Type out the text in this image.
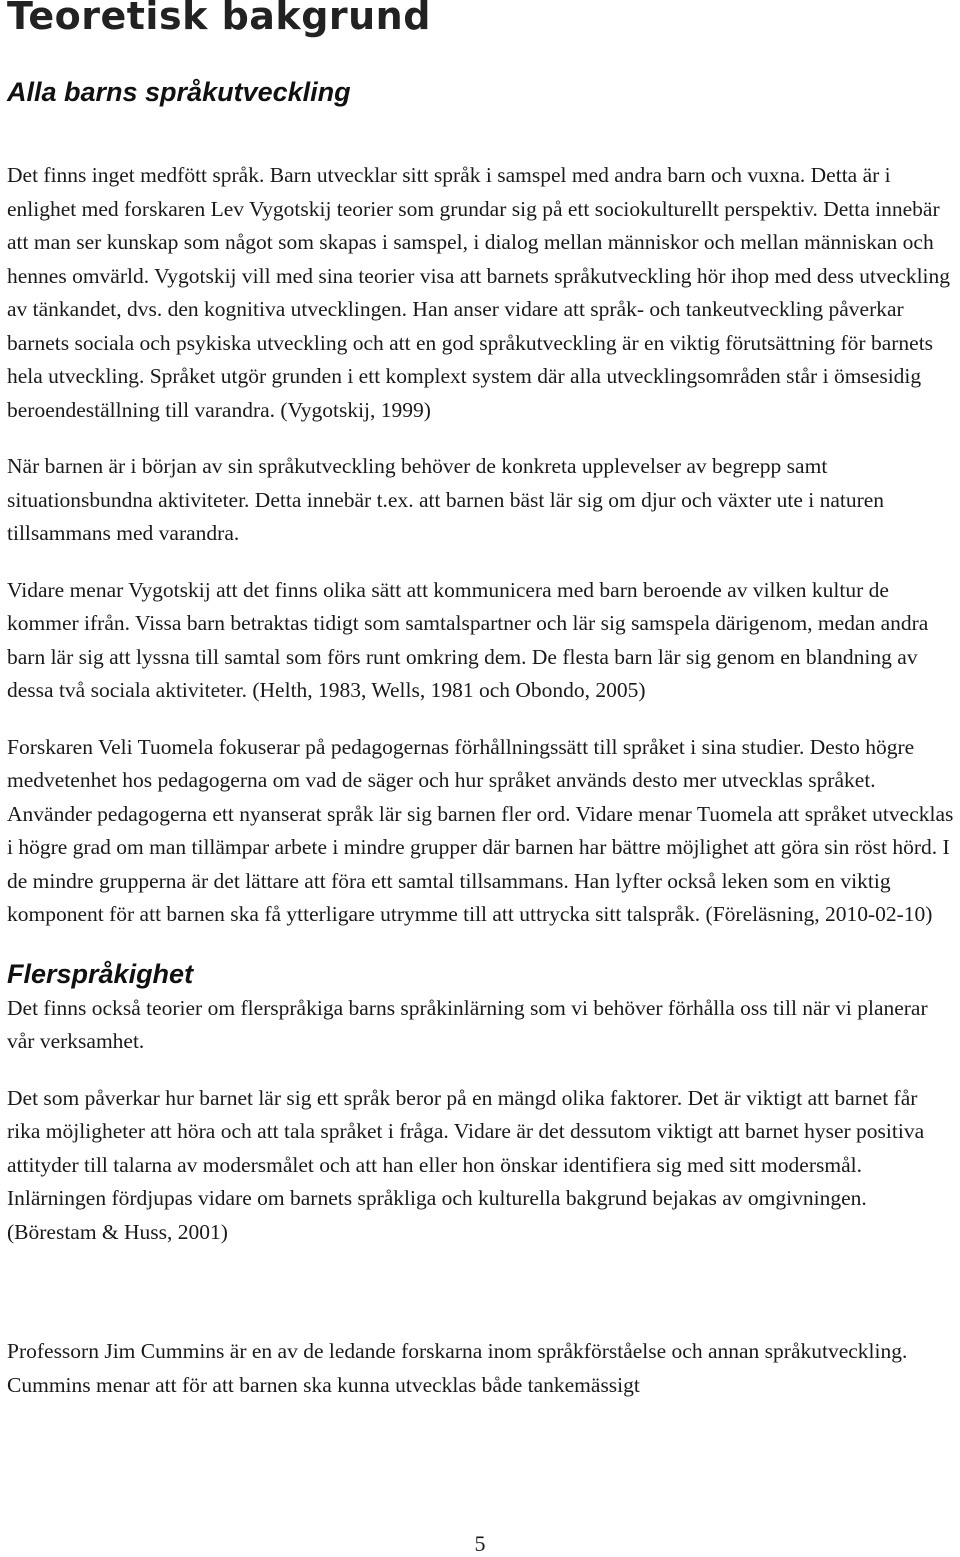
Teoretisk bakgrund
Alla barns språkutveckling

Det finns inget medfött språk. Barn utvecklar sitt språk i samspel med andra barn och vuxna. Detta är i enlighet med forskaren Lev Vygotskij teorier som grundar sig på ett sociokulturellt perspektiv. Detta innebär att man ser kunskap som något som skapas i samspel, i dialog mellan människor och mellan människan och hennes omvärld. Vygotskij vill med sina teorier visa att barnets språkutveckling hör ihop med dess utveckling av tänkandet, dvs. den kognitiva utvecklingen. Han anser vidare att språk- och tankeutveckling påverkar barnets sociala och psykiska utveckling och att en god språkutveckling är en viktig förutsättning för barnets hela utveckling. Språket utgör grunden i ett komplext system där alla utvecklingsområden står i ömsesidig beroendeställning till varandra. (Vygotskij, 1999)

När barnen är i början av sin språkutveckling behöver de konkreta upplevelser av begrepp samt situationsbundna aktiviteter. Detta innebär t.ex. att barnen bäst lär sig om djur och växter ute i naturen tillsammans med varandra.

Vidare menar Vygotskij att det finns olika sätt att kommunicera med barn beroende av vilken kultur de kommer ifrån. Vissa barn betraktas tidigt som samtalspartner och lär sig samspela därigenom, medan andra barn lär sig att lyssna till samtal som förs runt omkring dem. De flesta barn lär sig genom en blandning av dessa två sociala aktiviteter. (Helth, 1983, Wells, 1981 och Obondo, 2005)

Forskaren Veli Tuomela fokuserar på pedagogernas förhållningssätt till språket i sina studier. Desto högre medvetenhet hos pedagogerna om vad de säger och hur språket används desto mer utvecklas språket. Använder pedagogerna ett nyanserat språk lär sig barnen fler ord. Vidare menar Tuomela att språket utvecklas i högre grad om man tillämpar arbete i mindre grupper där barnen har bättre möjlighet att göra sin röst hörd. I de mindre grupperna är det lättare att föra ett samtal tillsammans. Han lyfter också leken som en viktig komponent för att barnen ska få ytterligare utrymme till att uttrycka sitt talspråk. (Föreläsning, 2010-02-10)

Flerspråkighet

Det finns också teorier om flerspråkiga barns språkinlärning som vi behöver förhålla oss till när vi planerar vår verksamhet.

Det som påverkar hur barnet lär sig ett språk beror på en mängd olika faktorer. Det är viktigt att barnet får rika möjligheter att höra och att tala språket i fråga. Vidare är det dessutom viktigt att barnet hyser positiva attityder till talarna av modersmålet och att han eller hon önskar identifiera sig med sitt modersmål. Inlärningen fördjupas vidare om barnets språkliga och kulturella bakgrund bejakas av omgivningen. (Börestam & Huss, 2001)

Professorn Jim Cummins är en av de ledande forskarna inom språkförståelse och annan språkutveckling. Cummins menar att för att barnen ska kunna utvecklas både tankemässigt

5
